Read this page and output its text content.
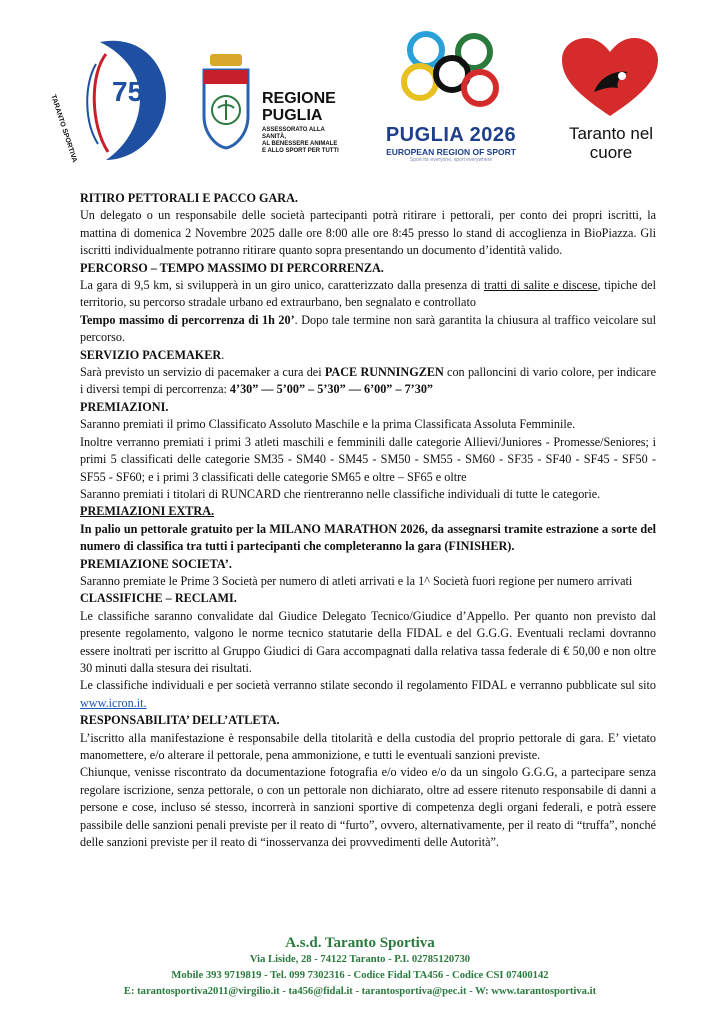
75
TARANTO SPORTIVA	REGIONE
PUGLIA
ASSESSORATO ALLA SANITÀ,
AL BENESSERE ANIMALE
E ALLO SPORT PER TUTTI
PUGLIA 2026
EUROPEAN REGION OF SPORT
Sport for everyone, sport everywhere
Taranto nel
cuore

RITIRO PETTORALI E PACCO GARA.

Un delegato o un responsabile delle società partecipanti potrà ritirare i pettorali, per conto dei propri iscritti, la mattina di domenica 2 Novembre 2025 dalle ore 8:00 alle ore 8:45 presso lo stand di accoglienza in BioPiazza. Gli iscritti individualmente potranno ritirare quanto sopra presentando un documento d’identità valido.

PERCORSO – TEMPO MASSIMO DI PERCORRENZA.

La gara di 9,5 km, si svilupperà in un giro unico, caratterizzato dalla presenza di tratti di salite e discese, tipiche del territorio, su percorso stradale urbano ed extraurbano, ben segnalato e controllato

Tempo massimo di percorrenza di 1h 20’. Dopo tale termine non sarà garantita la chiusura al traffico veicolare sul percorso.

SERVIZIO PACEMAKER.

Sarà previsto un servizio di pacemaker a cura dei PACE RUNNINGZEN con palloncini di vario colore, per indicare i diversi tempi di percorrenza: 4’30” — 5’00” – 5’30” — 6’00” – 7’30”

PREMIAZIONI.

Saranno premiati il primo Classificato Assoluto Maschile e la prima Classificata Assoluta Femminile.

Inoltre verranno premiati i primi 3 atleti maschili e femminili dalle categorie Allievi/Juniores - Promesse/Seniores; i primi 5 classificati delle categorie SM35 - SM40 - SM45 - SM50 - SM55 - SM60 - SF35 - SF40 - SF45 - SF50 - SF55 - SF60; e i primi 3 classificati delle categorie SM65 e oltre – SF65 e oltre

Saranno premiati i titolari di RUNCARD che rientreranno nelle classifiche individuali di tutte le categorie.

PREMIAZIONI EXTRA.

In palio un pettorale gratuito per la MILANO MARATHON 2026, da assegnarsi tramite estrazione a sorte del numero di classifica tra tutti i partecipanti che completeranno la gara (FINISHER).

PREMIAZIONE SOCIETA’.

Saranno premiate le Prime 3 Società per numero di atleti arrivati e la 1^ Società fuori regione per numero arrivati

CLASSIFICHE – RECLAMI.

Le classifiche saranno convalidate dal Giudice Delegato Tecnico/Giudice d’Appello. Per quanto non previsto dal presente regolamento, valgono le norme tecnico statutarie della FIDAL e del G.G.G. Eventuali reclami dovranno essere inoltrati per iscritto al Gruppo Giudici di Gara accompagnati dalla relativa tassa federale di € 50,00 e non oltre 30 minuti dalla stesura dei risultati.

Le classifiche individuali e per società verranno stilate secondo il regolamento FIDAL e verranno pubblicate sul sito www.icron.it.

RESPONSABILITA’ DELL’ATLETA.

L’iscritto alla manifestazione è responsabile della titolarità e della custodia del proprio pettorale di gara. E’ vietato manomettere, e/o alterare il pettorale, pena ammonizione, e tutti le eventuali sanzioni previste.

Chiunque, venisse riscontrato da documentazione fotografia e/o video e/o da un singolo G.G.G, a partecipare senza regolare iscrizione, senza pettorale, o con un pettorale non dichiarato, oltre ad essere ritenuto responsabile di danni a persone e cose, incluso sé stesso, incorrerà in sanzioni sportive di competenza degli organi federali, e potrà essere passibile delle sanzioni penali previste per il reato di “furto”, ovvero, alternativamente, per il reato di “truffa”, nonché delle sanzioni previste per il reato di “inosservanza dei provvedimenti delle Autorità”.

A.s.d. Taranto Sportiva
Via Liside, 28 - 74122 Taranto - P.I. 02785120730
Mobile 393 9719819 - Tel. 099 7302316 - Codice Fidal TA456 - Codice CSI 07400142
E: tarantosportiva2011@virgilio.it - ta456@fidal.it - tarantosportiva@pec.it - W: www.tarantosportiva.it
